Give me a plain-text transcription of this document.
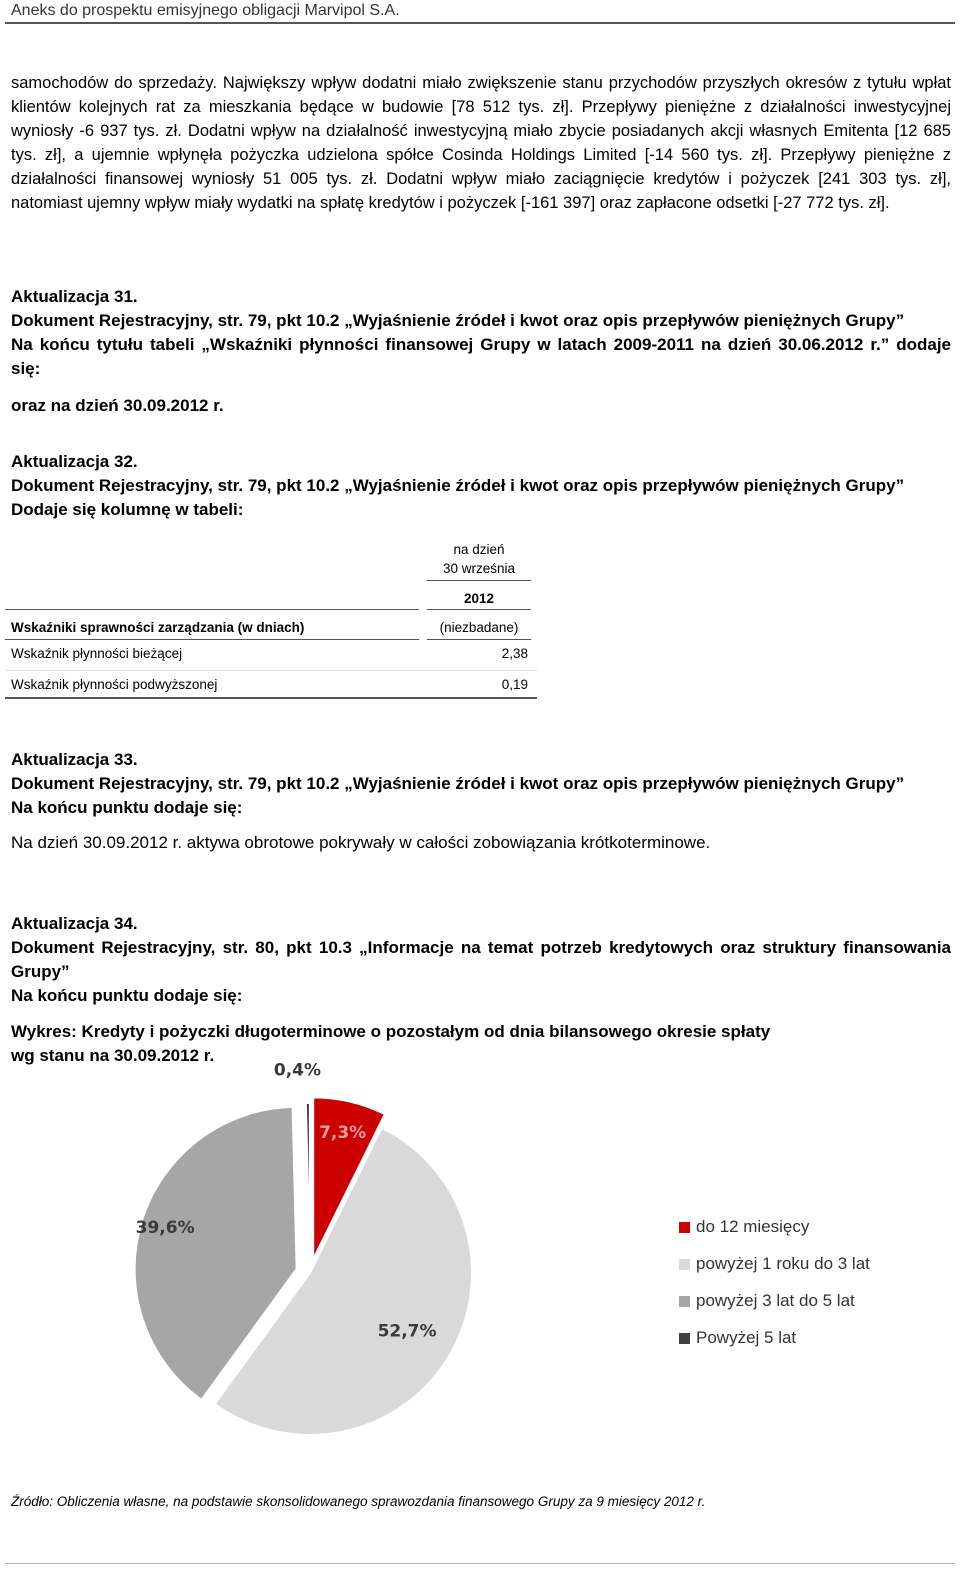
Aneks do prospektu emisyjnego obligacji Marvipol S.A.
samochodów do sprzedaży. Największy wpływ dodatni miało zwiększenie stanu przychodów przyszłych okresów z tytułu wpłat klientów kolejnych rat za mieszkania będące w budowie [78 512 tys. zł]. Przepływy pieniężne z działalności inwestycyjnej wyniosły -6 937 tys. zł. Dodatni wpływ na działalność inwestycyjną miało zbycie posiadanych akcji własnych Emitenta [12 685 tys. zł], a ujemnie wpłynęła pożyczka udzielona spółce Cosinda Holdings Limited [-14 560 tys. zł]. Przepływy pieniężne z działalności finansowej wyniosły 51 005 tys. zł. Dodatni wpływ miało zaciągnięcie kredytów i pożyczek [241 303 tys. zł], natomiast ujemny wpływ miały wydatki na spłatę kredytów i pożyczek [-161 397] oraz zapłacone odsetki [-27 772 tys. zł].
Aktualizacja 31.
Dokument Rejestracyjny, str. 79, pkt 10.2 „Wyjaśnienie źródeł i kwot oraz opis przepływów pieniężnych Grupy”
Na końcu tytułu tabeli „Wskaźniki płynności finansowej Grupy w latach 2009-2011 na dzień 30.06.2012 r.” dodaje się:
oraz na dzień 30.09.2012 r.
Aktualizacja 32.
Dokument Rejestracyjny, str. 79, pkt 10.2 „Wyjaśnienie źródeł i kwot oraz opis przepływów pieniężnych Grupy”
Dodaje się kolumnę w tabeli:
na dzień
30 września
2012
Wskaźniki sprawności zarządzania (w dniach)	(niezbadane)
Wskaźnik płynności bieżącej	2,38
Wskaźnik płynności podwyższonej	0,19
Aktualizacja 33.
Dokument Rejestracyjny, str. 79, pkt 10.2 „Wyjaśnienie źródeł i kwot oraz opis przepływów pieniężnych Grupy”
Na końcu punktu dodaje się:
Na dzień 30.09.2012 r. aktywa obrotowe pokrywały w całości zobowiązania krótkoterminowe.
Aktualizacja 34.
Dokument Rejestracyjny, str. 80, pkt 10.3 „Informacje na temat potrzeb kredytowych oraz struktury finansowania Grupy”
Na końcu punktu dodaje się:
Wykres: Kredyty i pożyczki długoterminowe o pozostałym od dnia bilansowego okresie spłaty
wg stanu na 30.09.2012 r.
7,3%
52,7%
39,6%
0,4%
do 12 miesięcy
powyżej 1 roku do 3 lat
powyżej 3 lat do 5 lat
Powyżej 5 lat
Źródło: Obliczenia własne, na podstawie skonsolidowanego sprawozdania finansowego Grupy za 9 miesięcy 2012 r.
